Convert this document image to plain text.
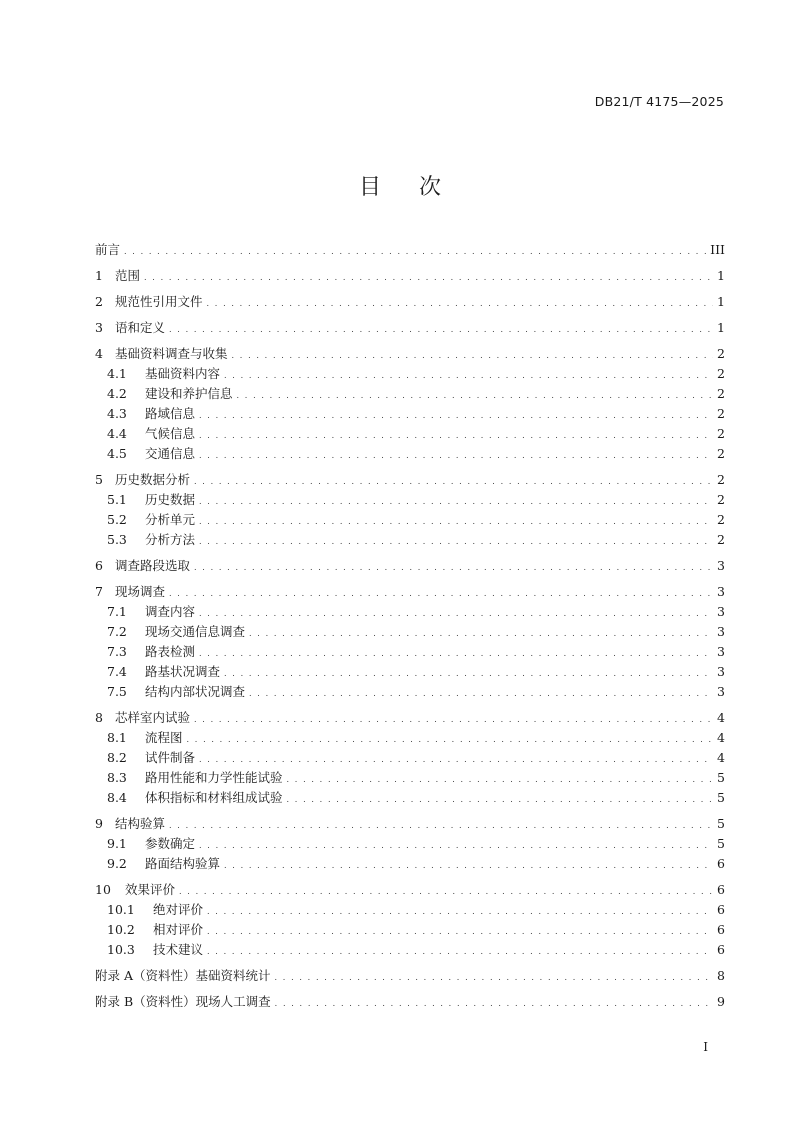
DB21/T 4175—2025
目次
前言 . . .	III
1 范围 . . .	1
2 规范性引用文件 . . .	1
3 语和定义 . . .	1
4 基础资料调查与收集 . . .	2
4.1	基础资料内容 . . .	2
4.2	建设和养护信息 . . .	2
4.3	路域信息 . . .	2
4.4	气候信息 . . .	2
4.5	交通信息 . . .	2
5 历史数据分析 . . .	2
5.1	历史数据 . . .	2
5.2	分析单元 . . .	2
5.3	分析方法 . . .	2
6 调查路段选取 . . .	3
7 现场调查 . . .	3
7.1	调查内容 . . .	3
7.2	现场交通信息调查 . . .	3
7.3	路表检测 . . .	3
7.4	路基状况调查 . . .	3
7.5	结构内部状况调查 . . .	3
8 芯样室内试验 . . .	4
8.1	流程图 . . .	4
8.2	试件制备 . . .	4
8.3	路用性能和力学性能试验 . . .	5
8.4	体积指标和材料组成试验 . . .	5
9 结构验算 . . .	5
9.1	参数确定 . . .	5
9.2	路面结构验算 . . .	6
10	效果评价 . . .	6
10.1	绝对评价 . . .	6
10.2	相对评价 . . .	6
10.3	技术建议 . . .	6
附录 A（资料性）基础资料统计 . . .	8
附录 B（资料性）现场人工调查 . . .	9
I
